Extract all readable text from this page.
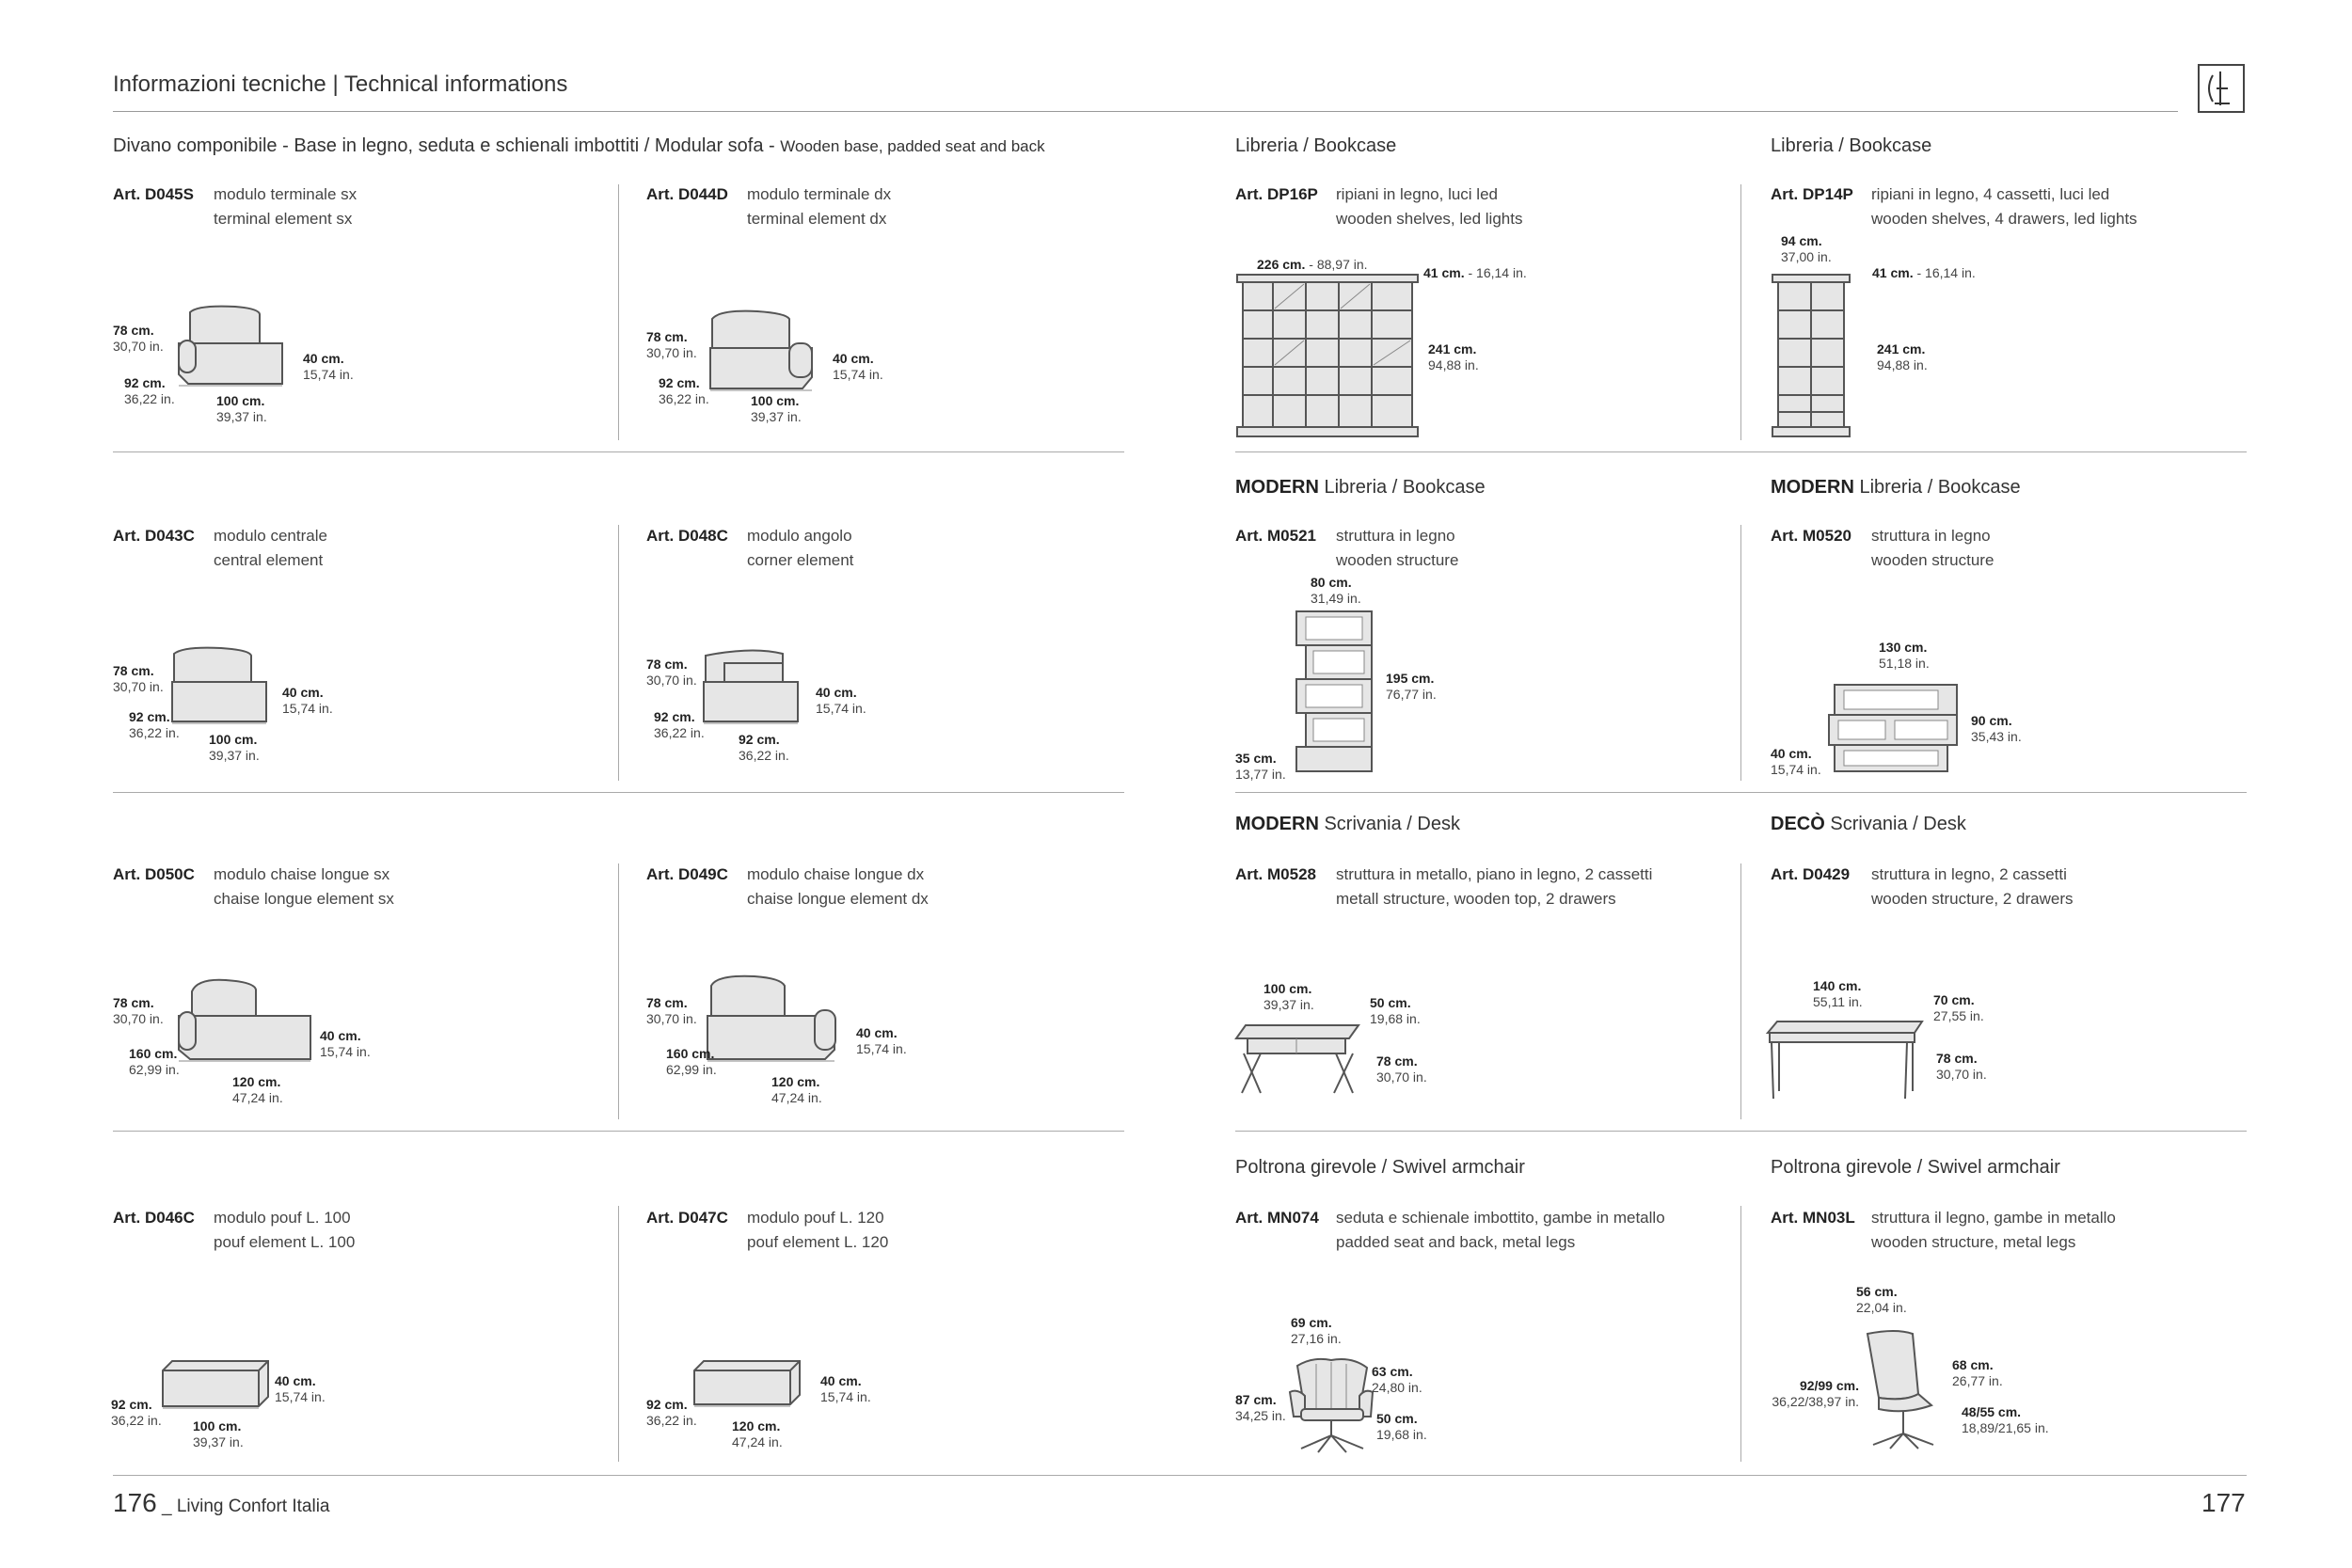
Informazioni tecniche | Technical informations
Divano componibile - Base in legno, seduta e schienali imbottiti / Modular sofa - Wooden base, padded seat and back
Art. D045S modulo terminale sx
terminal element sx
78 cm.
30,70 in.
40 cm.
15,74 in.
92 cm.
36,22 in.	100 cm.
39,37 in.
Art. D044D modulo terminale dx
terminal element dx
78 cm.
30,70 in.	40 cm.
15,74 in.
92 cm.
36,22 in.	100 cm.
39,37 in.
Art. D043C modulo centrale
central element
78 cm.
30,70 in.	40 cm.
15,74 in.
92 cm.
36,22 in. 100 cm.
39,37 in.
Art. D048C modulo angolo
corner element
78 cm.
30,70 in.
40 cm.
15,74 in.
92 cm.
36,22 in.	92 cm.
36,22 in.
Art. D050C modulo chaise longue sx
chaise longue element sx
78 cm.
30,70 in.
40 cm.
15,74 in.
160 cm.
62,99 in.
120 cm.
47,24 in.
Art. D049C modulo chaise longue dx
chaise longue element dx
78 cm.
30,70 in.
40 cm.
15,74 in.
160 cm.
62,99 in.
120 cm.
47,24 in.
Art. D046C modulo pouf L. 100
pouf element L. 100
40 cm.
15,74 in.
92 cm.
36,22 in. 100 cm.
39,37 in.
Art. D047C modulo pouf L. 120
pouf element L. 120
40 cm.
15,74 in.
92 cm.
36,22 in.	120 cm.
47,24 in.
Libreria / Bookcase
Art. DP16P ripiani in legno, luci led
wooden shelves, led lights
226 cm. - 88,97 in.
41 cm. - 16,14 in.
241 cm.
94,88 in.
Libreria / Bookcase
Art. DP14P ripiani in legno, 4 cassetti, luci led
wooden shelves, 4 drawers, led lights
94 cm.
37,00 in.
41 cm. - 16,14 in.
241 cm.
94,88 in.
MODERN Libreria / Bookcase
Art. M0521 struttura in legno
wooden structure
80 cm.
31,49 in.
195 cm.
76,77 in.
35 cm.
13,77 in.
MODERN Libreria / Bookcase
Art. M0520 struttura in legno
wooden structure
130 cm.
51,18 in.
90 cm.
35,43 in.
40 cm.
15,74 in.
MODERN Scrivania / Desk
Art. M0528 struttura in metallo, piano in legno, 2 cassetti
metall structure, wooden top, 2 drawers
100 cm.
39,37 in.	50 cm.
19,68 in.
78 cm.
30,70 in.
DECÒ Scrivania / Desk
Art. D0429 struttura in legno, 2 cassetti
wooden structure, 2 drawers
140 cm.
55,11 in.	70 cm.
27,55 in.
78 cm.
30,70 in.
Poltrona girevole / Swivel armchair
Art. MN074 seduta e schienale imbottito, gambe in metallo
padded seat and back, metal legs
69 cm.
27,16 in.
63 cm.
24,80 in.
87 cm.
34,25 in.	50 cm.
19,68 in.
Poltrona girevole / Swivel armchair
Art. MN03L struttura il legno, gambe in metallo
wooden structure, metal legs
56 cm.
22,04 in.
68 cm.
26,77 in.
92/99 cm.
36,22/38,97 in.
48/55 cm.
18,89/21,65 in.
176 _ Living Confort Italia	177
